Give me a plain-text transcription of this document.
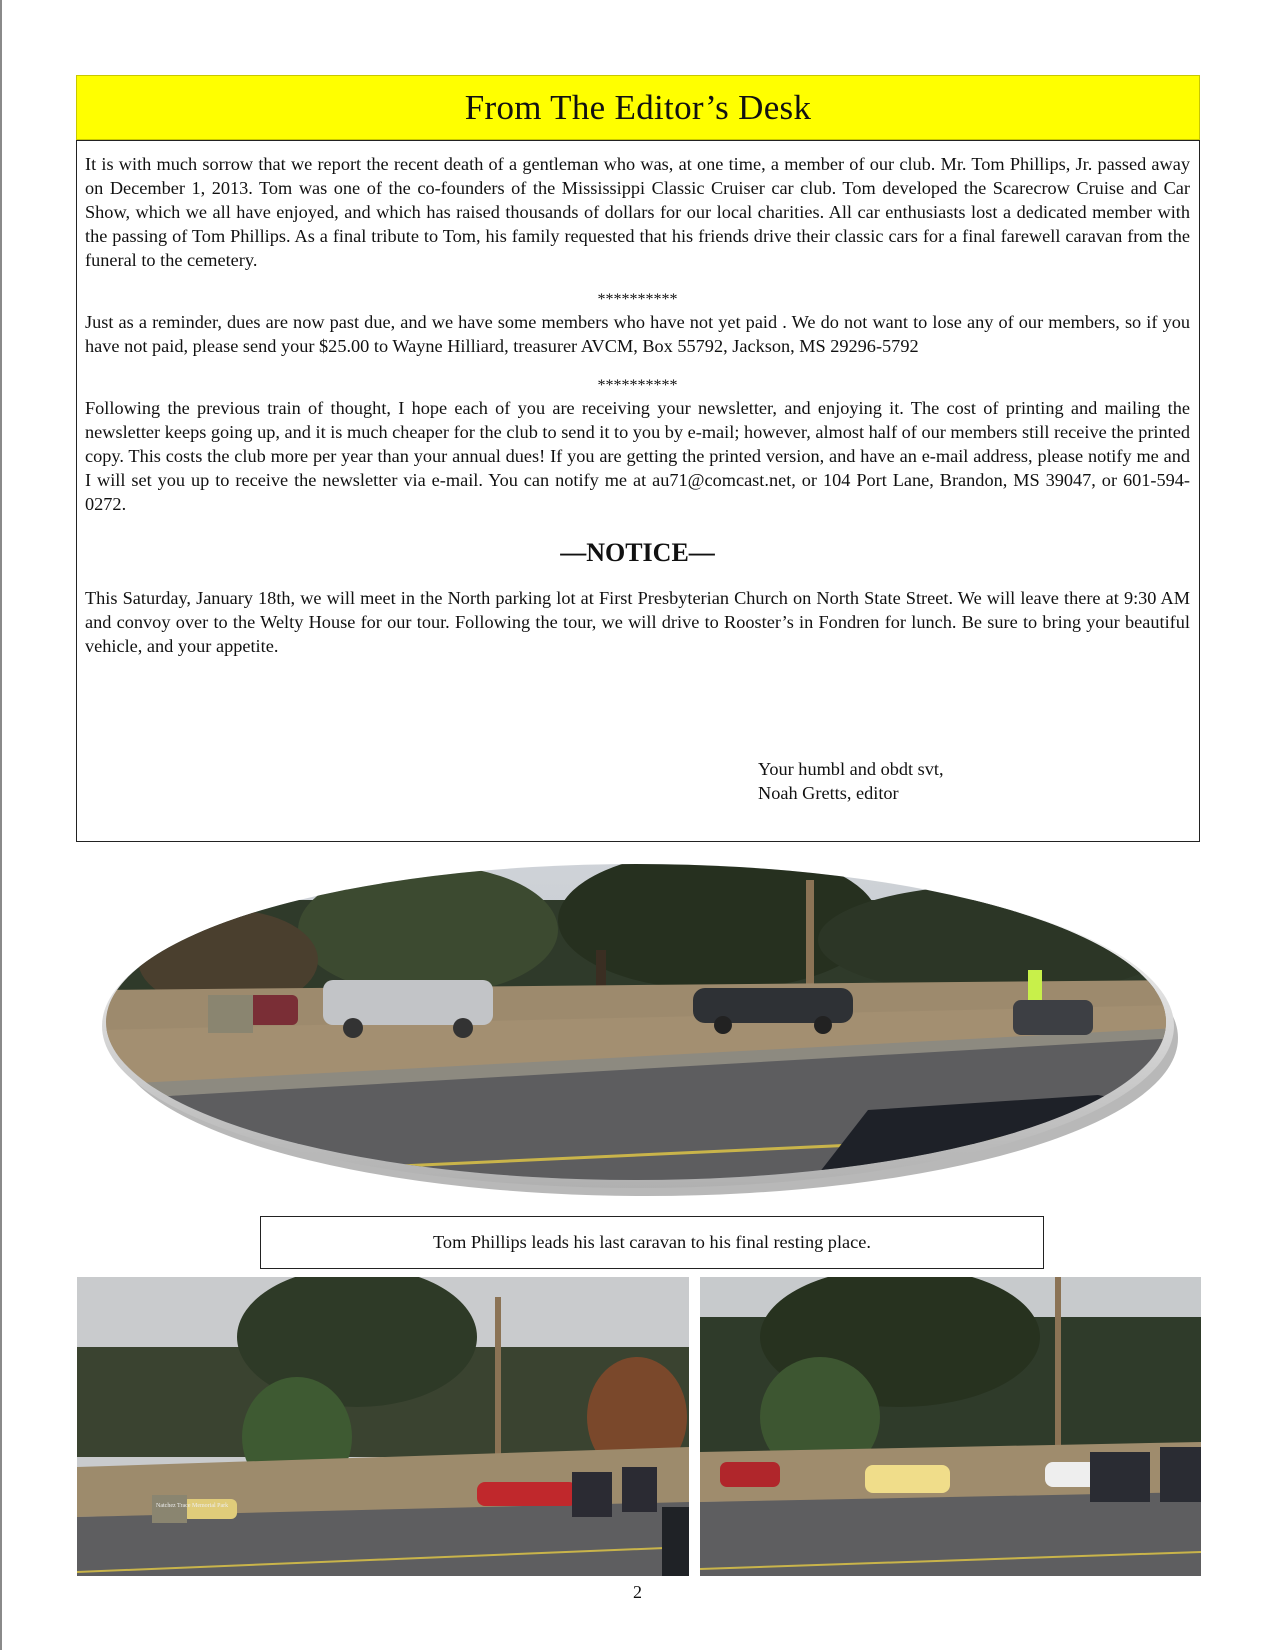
From The Editor’s Desk

It is with much sorrow that we report the recent death of a gentleman who was, at one time, a member of our club. Mr. Tom Phillips, Jr. passed away on December 1, 2013. Tom was one of the co-founders of the Mississippi Classic Cruiser car club. Tom developed the Scarecrow Cruise and Car Show, which we all have enjoyed, and which has raised thousands of dollars for our local charities. All car enthusiasts lost a dedicated member with the passing of Tom Phillips. As a final tribute to Tom, his family requested that his friends drive their classic cars for a final farewell caravan from the funeral to the cemetery.

**********

Just as a reminder, dues are now past due, and we have some members who have not yet paid . We do not want to lose any of our members, so if you have not paid, please send your $25.00 to Wayne Hilliard, treasurer AVCM, Box 55792, Jackson, MS 29296-5792

**********

Following the previous train of thought, I hope each of you are receiving your newsletter, and enjoying it. The cost of printing and mailing the newsletter keeps going up, and it is much cheaper for the club to send it to you by e-mail; however, almost half of our members still receive the printed copy. This costs the club more per year than your annual dues! If you are getting the printed version, and have an e-mail address, please notify me and I will set you up to receive the newsletter via e-mail. You can notify me at au71@comcast.net, or 104 Port Lane, Brandon, MS 39047, or 601-594-0272.

—NOTICE—

This Saturday, January 18th, we will meet in the North parking lot at First Presbyterian Church on North State Street. We will leave there at 9:30 AM and convoy over to the Welty House for our tour. Following the tour, we will drive to Rooster’s in Fondren for lunch. Be sure to bring your beautiful vehicle, and your appetite.

Your humbl and obdt svt,
Noah Gretts, editor
Tom Phillips leads his last caravan to his final resting place.
Natchez Trace Memorial Park
2
